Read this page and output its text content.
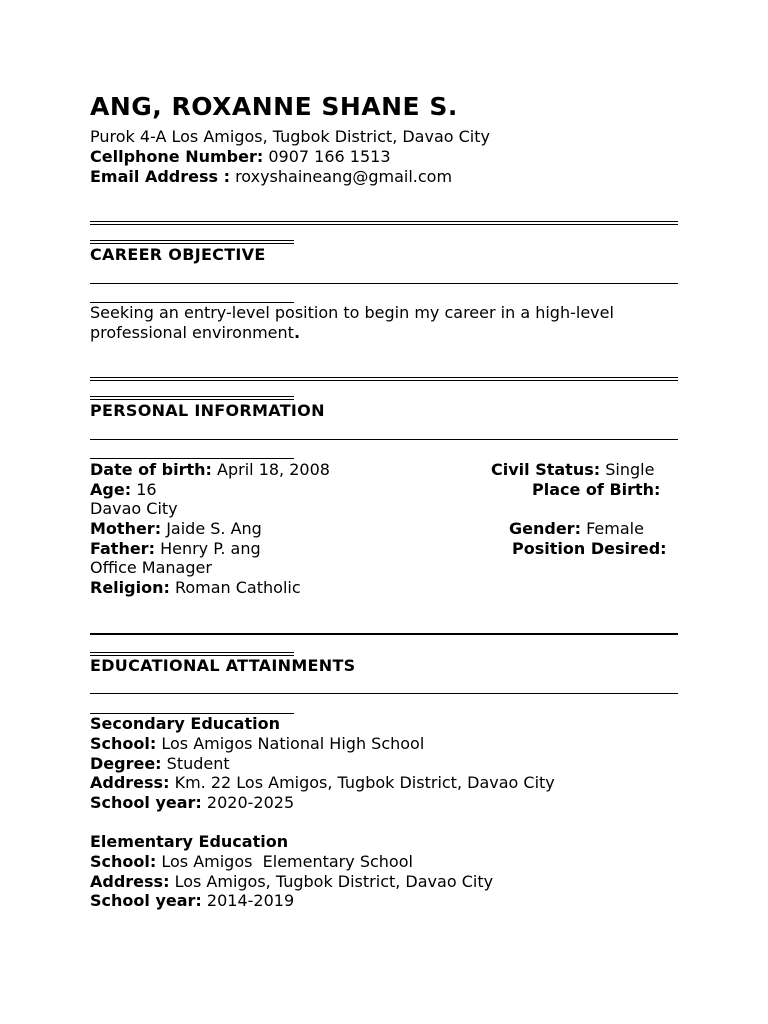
ANG, ROXANNE SHANE S.
Purok 4-A Los Amigos, Tugbok District, Davao City
Cellphone Number: 0907 166 1513
Email Address : roxyshaineang@gmail.com
CAREER OBJECTIVE
Seeking an entry-level position to begin my career in a high-level professional environment.
PERSONAL INFORMATION
Date of birth: April 18, 2008
Age: 16
Davao City
Mother: Jaide S. Ang
Father: Henry P. ang
Office Manager
Religion: Roman Catholic
Civil Status: Single
Place of Birth:
Gender: Female
Position Desired:
EDUCATIONAL ATTAINMENTS
Secondary Education
School: Los Amigos National High School
Degree: Student
Address: Km. 22 Los Amigos, Tugbok District, Davao City
School year: 2020-2025
Elementary Education
School: Los Amigos  Elementary School
Address: Los Amigos, Tugbok District, Davao City
School year: 2014-2019
